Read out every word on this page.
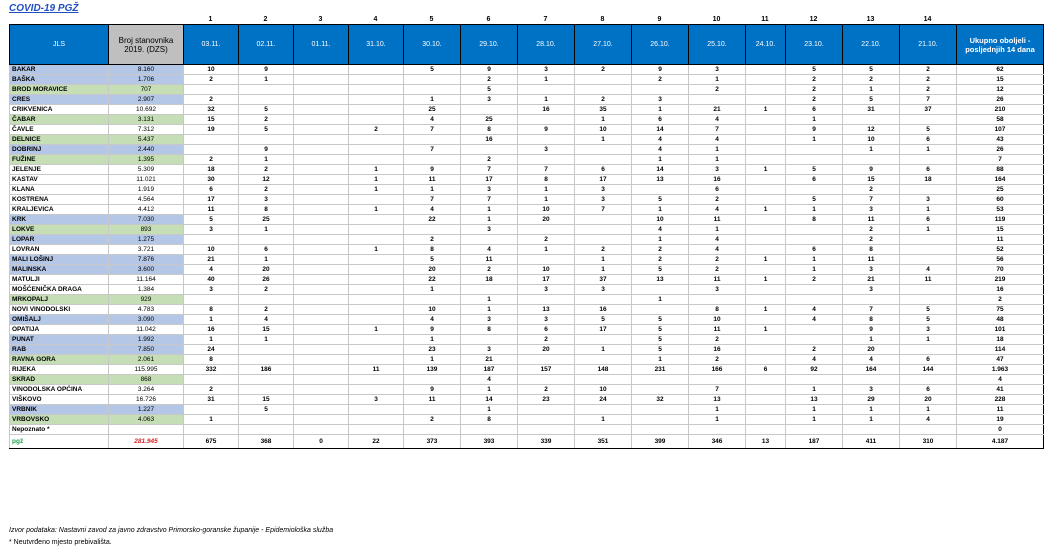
COVID-19 PGŽ
		1	2	3	4	5	6	7	8	9	10	11	12	13	14	
JLS	Broj stanovnika 2019. (DZS)	03.11.	02.11.	01.11.	31.10.	30.10.	29.10.	28.10.	27.10.	26.10.	25.10.	24.10.	23.10.	22.10.	21.10.	Ukupno oboljeli - posljednjih 14 dana
BAKAR	8.160	10	9			5	9	3	2	9	3		5	5	2	62
BAŠKA	1.706	2	1				2	1		2	1		2	2	2	15
BROD MORAVICE	707						5				2		2	1	2	12
CRES	2.907	2				1	3	1	2	3			2	5	7	26
CRIKVENICA	10.692	32	5			25		16	35	1	21	1	6	31	37	210
ČABAR	3.131	15	2			4	25		1	6	4		1			58
ČAVLE	7.312	19	5		2	7	8	9	10	14	7		9	12	5	107
DELNICE	5.437						16		1	4	4		1	10	6	43
DOBRINJ	2.440		9			7		3		4	1			1	1	26
FUŽINE	1.395	2	1				2			1	1					7
JELENJE	5.309	18	2		1	9	7	7	6	14	3	1	5	9	6	88
KASTAV	11.021	30	12		1	11	17	8	17	13	16		6	15	18	164
KLANA	1.919	6	2		1	1	3	1	3		6			2		25
KOSTRENA	4.564	17	3			7	7	1	3	5	2		5	7	3	60
KRALJEVICA	4.412	11	8		1	4	1	10	7	1	4	1	1	3	1	53
KRK	7.030	5	25			22	1	20		10	11		8	11	6	119
LOKVE	893	3	1				3			4	1			2	1	15
LOPAR	1.275					2		2		1	4			2		11
LOVRAN	3.721	10	6		1	8	4	1	2	2	4		6	8		52
MALI LOŠINJ	7.876	21	1			5	11		1	2	2	1	1	11		56
MALINSKA	3.600	4	20			20	2	10	1	5	2		1	3	4	70
MATULJI	11.164	40	26			22	18	17	37	13	11	1	2	21	11	219
MOŠĆENIČKA DRAGA	1.384	3	2			1		3	3		3			3		16
MRKOPALJ	929						1			1						2
NOVI VINODOLSKI	4.783	8	2			10	1	13	16		8	1	4	7	5	75
OMIŠALJ	3.090	1	4			4	3	3	5	5	10		4	8	5	48
OPATIJA	11.042	16	15		1	9	8	6	17	5	11	1		9	3	101
PUNAT	1.992	1	1			1		2		5	2			1	1	18
RAB	7.850	24				23	3	20	1	5	16		2	20		114
RAVNA GORA	2.061	8				1	21			1	2		4	4	6	47
RIJEKA	115.995	332	186		11	139	187	157	148	231	166	6	92	164	144	1.963
SKRAD	868						4									4
VINODOLSKA OPĆINA	3.264	2				9	1	2	10		7		1	3	6	41
VIŠKOVO	16.726	31	15		3	11	14	23	24	32	13		13	29	20	228
VRBNIK	1.227		5				1				1		1	1	1	11
VRBOVSKO	4.063	1				2	8		1		1		1	1	4	19
Nepoznato *																0
pgž	281.945	675	368	0	22	373	393	339	351	399	346	13	187	411	310	4.187
Izvor podataka: Nastavni zavod za javno zdravstvo Primorsko-goranske županije - Epidemiološka služba
* Neutvrđeno mjesto prebivališta.
